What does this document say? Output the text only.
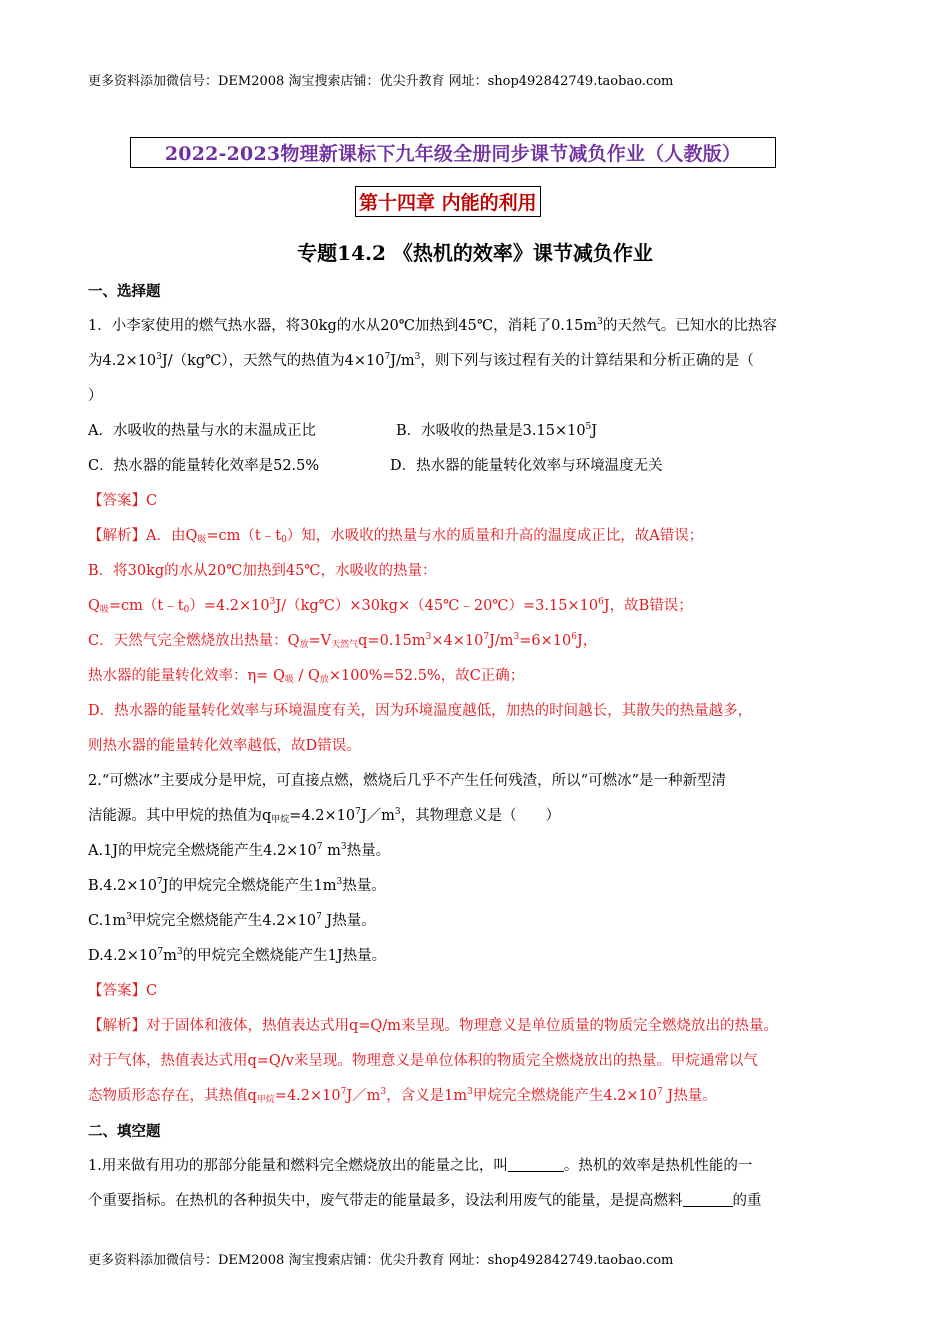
更多资料添加微信号：DEM2008 淘宝搜索店铺：优尖升教育 网址：shop492842749.taobao.com
2022-2023物理新课标下九年级全册同步课节减负作业（人教版）
第十四章 内能的利用
专题14.2 《热机的效率》课节减负作业

一、选择题

1．小李家使用的燃气热水器，将30kg的水从20℃加热到45℃，消耗了$0.15m^3$的天然气。已知水的比热容

为$4.2\times 10^3J/(kg℃)$，天然气的热值为$4\times 10^7J/m^3$，则下列与该过程有关的计算结果和分析正确的是（

）

A．水吸收的热量与水的末温成正比	B．水吸收的热量是$3.15\times 10^5J$

C．热水器的能量转化效率是52.5%	D．热水器的能量转化效率与环境温度无关

【答案】C

【解析】A．由$Q_吸=cm(t﹣t_0)$知，水吸收的热量与水的质量和升高的温度成正比，故A错误；

B．将30kg的水从20℃加热到45℃，水吸收的热量：

$Q_吸=cm(t﹣t_0)=4.2\times 10^3J/(kg℃)\times 30kg\times(45℃﹣20℃)=3.15\times 10^6J$，故B错误；

C．天然气完全燃烧放出热量：$Q_放=V_{天然气}q=0.15m^3\times 4\times 10^7J/m^3=6\times 10^6J$，

热水器的能量转化效率：$\eta= Q_吸 / Q_放\times 100\%=52.5\%$，故C正确；

D．热水器的能量转化效率与环境温度有关，因为环境温度越低，加热的时间越长，其散失的热量越多，

则热水器的能量转化效率越低，故D错误。

2.“可燃冰”主要成分是甲烷，可直接点燃，燃烧后几乎不产生任何残渣，所以“可燃冰”是一种新型清

洁能源。其中甲烷的热值为$q_{甲烷}=4.2\times 10^7J/m^3$，其物理意义是（　　）

A.1J的甲烷完全燃烧能产生$4.2\times 10^7$ $m^3$热量。

$B.4.2\times 10^7J$的甲烷完全燃烧能产生$1m^3$热量。

$C.1m^3$甲烷完全燃烧能产生$4.2\times 10^7$ J热量。

$D.4.2\times 10^7m^3$的甲烷完全燃烧能产生1J热量。

【答案】C

【解析】对于固体和液体，热值表达式用q=Q/m来呈现。物理意义是单位质量的物质完全燃烧放出的热量。

对于气体，热值表达式用q=Q/v来呈现。物理意义是单位体积的物质完全燃烧放出的热量。甲烷通常以气

态物质形态存在，其热值$q_{甲烷}=4.2\times 10^7J/m^3$，含义是$1m^3$甲烷完全燃烧能产生$4.2\times 10^7$ J热量。

二、填空题

1.用来做有用功的那部分能量和燃料完全燃烧放出的能量之比，叫	。热机的效率是热机性能的一

个重要指标。在热机的各种损失中，废气带走的能量最多，设法利用废气的能量，是提高燃料	的重

更多资料添加微信号：DEM2008 淘宝搜索店铺：优尖升教育 网址：shop492842749.taobao.com
